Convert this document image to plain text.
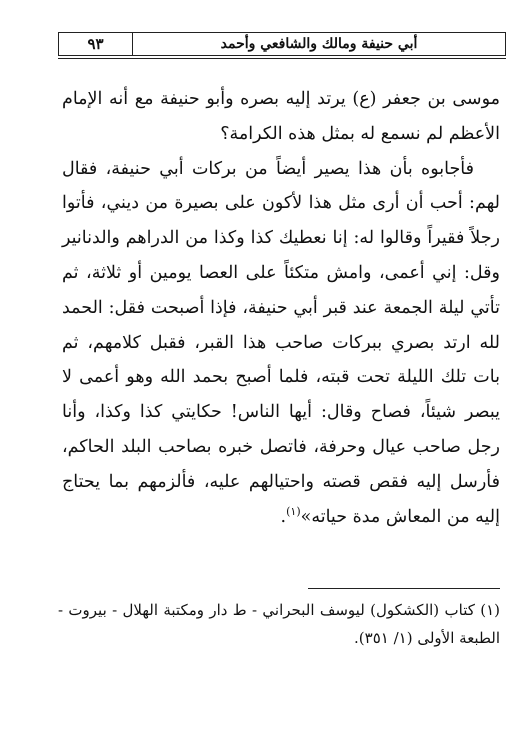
٩٣	أبي حنيفة ومالك والشافعي وأحمد

موسى بن جعفر (ع) يرتد إليه بصره وأبو حنيفة مع أنه الإمام الأعظم لم نسمع له بمثل هذه الكرامة؟

فأجابوه بأن هذا يصير أيضاً من بركات أبي حنيفة، فقال لهم: أحب أن أرى مثل هذا لأكون على بصيرة من ديني، فأتوا رجلاً فقيراً وقالوا له: إنا نعطيك كذا وكذا من الدراهم والدنانير وقل: إني أعمى، وامش متكئاً على العصا يومين أو ثلاثة، ثم تأتي ليلة الجمعة عند قبر أبي حنيفة، فإذا أصبحت فقل: الحمد لله ارتد بصري ببركات صاحب هذا القبر، فقبل كلامهم، ثم بات تلك الليلة تحت قبته، فلما أصبح بحمد الله وهو أعمى لا يبصر شيئاً، فصاح وقال: أيها الناس! حكايتي كذا وكذا، وأنا رجل صاحب عيال وحرفة، فاتصل خبره بصاحب البلد الحاكم، فأرسل إليه فقص قصته واحتيالهم عليه، فألزمهم بما يحتاج إليه من المعاش مدة حياته»$^{(١)}$.

(١) كتاب (الكشكول) ليوسف البحراني - ط دار ومكتبة الهلال - بيروت - الطبعة الأولى (١/ ٣٥١).
